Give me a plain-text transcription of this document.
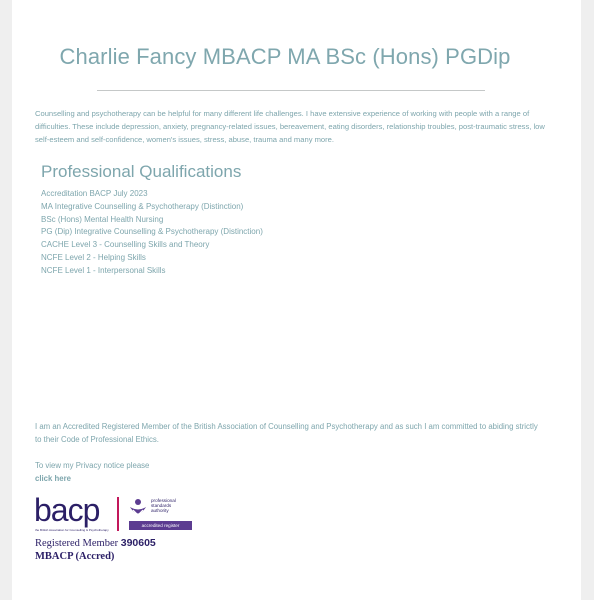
Charlie Fancy MBACP MA BSc (Hons) PGDip

Counselling and psychotherapy can be helpful for many different life challenges. I have extensive experience of working with people with a range of difficulties. These include depression, anxiety, pregnancy-related issues, bereavement, eating disorders, relationship troubles, post-traumatic stress, low self-esteem and self-confidence, women's issues, stress, abuse, trauma and many more.

Professional Qualifications
Accreditation BACP July 2023
MA Integrative Counselling & Psychotherapy (Distinction)
BSc (Hons) Mental Health Nursing
PG (Dip) Integrative Counselling & Psychotherapy (Distinction)
CACHE Level 3 - Counselling Skills and Theory
NCFE Level 2 - Helping Skills
NCFE Level 1 - Interpersonal Skills

I am an Accredited Registered Member of the British Association of Counselling and Psychotherapy and as such I am committed to abiding strictly to their Code of Professional Ethics.

To view my Privacy notice please
click here
bacp
the British Association for Counselling & Psychotherapy
professional
standards
authority
accredited register
Registered Member 390605
MBACP (Accred)
